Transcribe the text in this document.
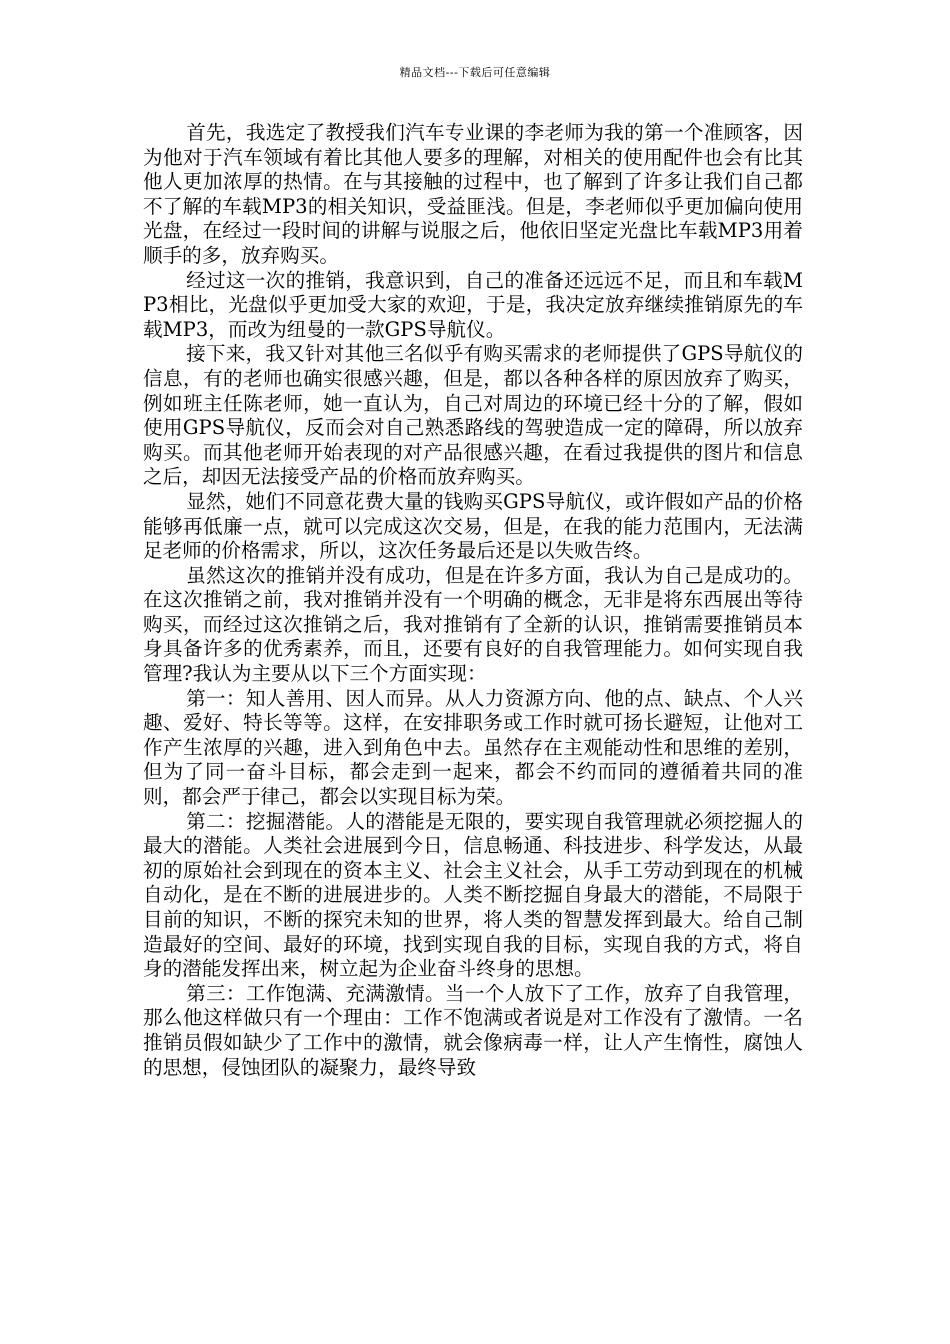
精品文档---下载后可任意编辑

首先，我选定了教授我们汽车专业课的李老师为我的第一个准顾客，因为他对于汽车领域有着比其他人要多的理解，对相关的使用配件也会有比其他人更加浓厚的热情。在与其接触的过程中，也了解到了许多让我们自己都不了解的车载MP3的相关知识，受益匪浅。但是，李老师似乎更加偏向使用光盘，在经过一段时间的讲解与说服之后，他依旧坚定光盘比车载MP3用着顺手的多，放弃购买。

经过这一次的推销，我意识到，自己的准备还远远不足，而且和车载MP3相比，光盘似乎更加受大家的欢迎，于是，我决定放弃继续推销原先的车载MP3，而改为纽曼的一款GPS导航仪。

接下来，我又针对其他三名似乎有购买需求的老师提供了GPS导航仪的信息，有的老师也确实很感兴趣，但是，都以各种各样的原因放弃了购买，例如班主任陈老师，她一直认为，自己对周边的环境已经十分的了解，假如使用GPS导航仪，反而会对自己熟悉路线的驾驶造成一定的障碍，所以放弃购买。而其他老师开始表现的对产品很感兴趣，在看过我提供的图片和信息之后，却因无法接受产品的价格而放弃购买。

显然，她们不同意花费大量的钱购买GPS导航仪，或许假如产品的价格能够再低廉一点，就可以完成这次交易，但是，在我的能力范围内，无法满足老师的价格需求，所以，这次任务最后还是以失败告终。

虽然这次的推销并没有成功，但是在许多方面，我认为自己是成功的。在这次推销之前，我对推销并没有一个明确的概念，无非是将东西展出等待购买，而经过这次推销之后，我对推销有了全新的认识，推销需要推销员本身具备许多的优秀素养，而且，还要有良好的自我管理能力。如何实现自我管理?我认为主要从以下三个方面实现：

第一：知人善用、因人而异。从人力资源方向、他的点、缺点、个人兴趣、爱好、特长等等。这样，在安排职务或工作时就可扬长避短，让他对工作产生浓厚的兴趣，进入到角色中去。虽然存在主观能动性和思维的差别，但为了同一奋斗目标，都会走到一起来，都会不约而同的遵循着共同的准则，都会严于律己，都会以实现目标为荣。

第二：挖掘潜能。人的潜能是无限的，要实现自我管理就必须挖掘人的最大的潜能。人类社会进展到今日，信息畅通、科技进步、科学发达，从最初的原始社会到现在的资本主义、社会主义社会，从手工劳动到现在的机械自动化，是在不断的进展进步的。人类不断挖掘自身最大的潜能，不局限于目前的知识，不断的探究未知的世界，将人类的智慧发挥到最大。给自己制造最好的空间、最好的环境，找到实现自我的目标，实现自我的方式，将自身的潜能发挥出来，树立起为企业奋斗终身的思想。

第三：工作饱满、充满激情。当一个人放下了工作，放弃了自我管理，那么他这样做只有一个理由：工作不饱满或者说是对工作没有了激情。一名推销员假如缺少了工作中的激情，就会像病毒一样，让人产生惰性，腐蚀人的思想，侵蚀团队的凝聚力，最终导致
